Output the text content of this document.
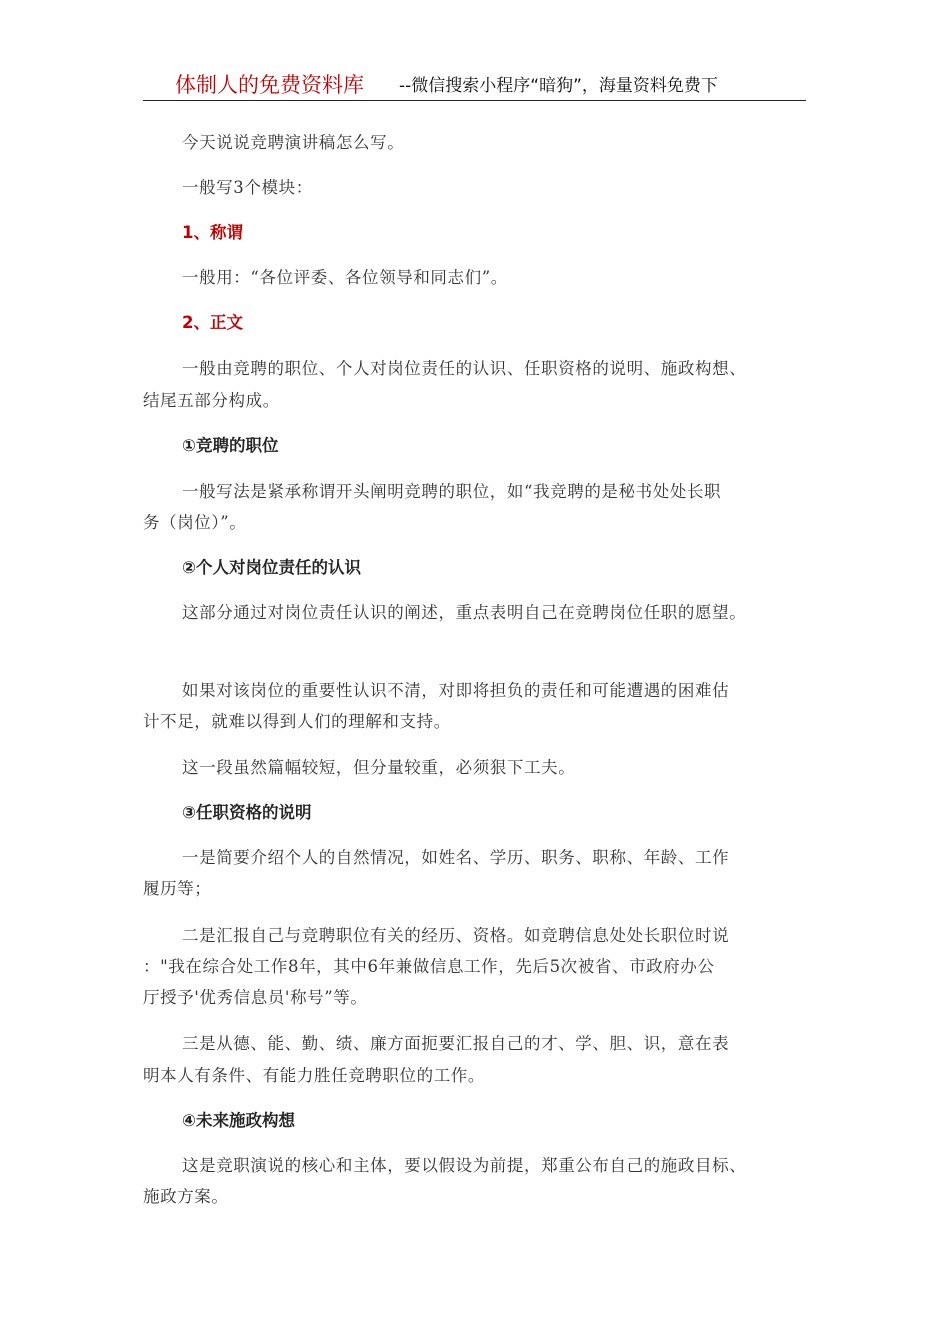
体制人的免费资料库 --微信搜索小程序“暗狗”，海量资料免费下
今天说说竞聘演讲稿怎么写。
一般写3个模块：
1、称谓
一般用：“各位评委、各位领导和同志们”。
2、正文
一般由竞聘的职位、个人对岗位责任的认识、任职资格的说明、施政构想、
结尾五部分构成。
①竞聘的职位
一般写法是紧承称谓开头阐明竞聘的职位，如“我竞聘的是秘书处处长职
务（岗位）”。
②个人对岗位责任的认识
这部分通过对岗位责任认识的阐述，重点表明自己在竞聘岗位任职的愿望。
如果对该岗位的重要性认识不清，对即将担负的责任和可能遭遇的困难估
计不足，就难以得到人们的理解和支持。
这一段虽然篇幅较短，但分量较重，必须狠下工夫。
③任职资格的说明
一是简要介绍个人的自然情况，如姓名、学历、职务、职称、年龄、工作
履历等；
二是汇报自己与竞聘职位有关的经历、资格。如竞聘信息处处长职位时说
："我在综合处工作8年，其中6年兼做信息工作，先后5次被省、市政府办公
厅授予'优秀信息员'称号”等。
三是从德、能、勤、绩、廉方面扼要汇报自己的才、学、胆、识，意在表
明本人有条件、有能力胜任竞聘职位的工作。
④未来施政构想
这是竞职演说的核心和主体，要以假设为前提，郑重公布自己的施政目标、
施政方案。
